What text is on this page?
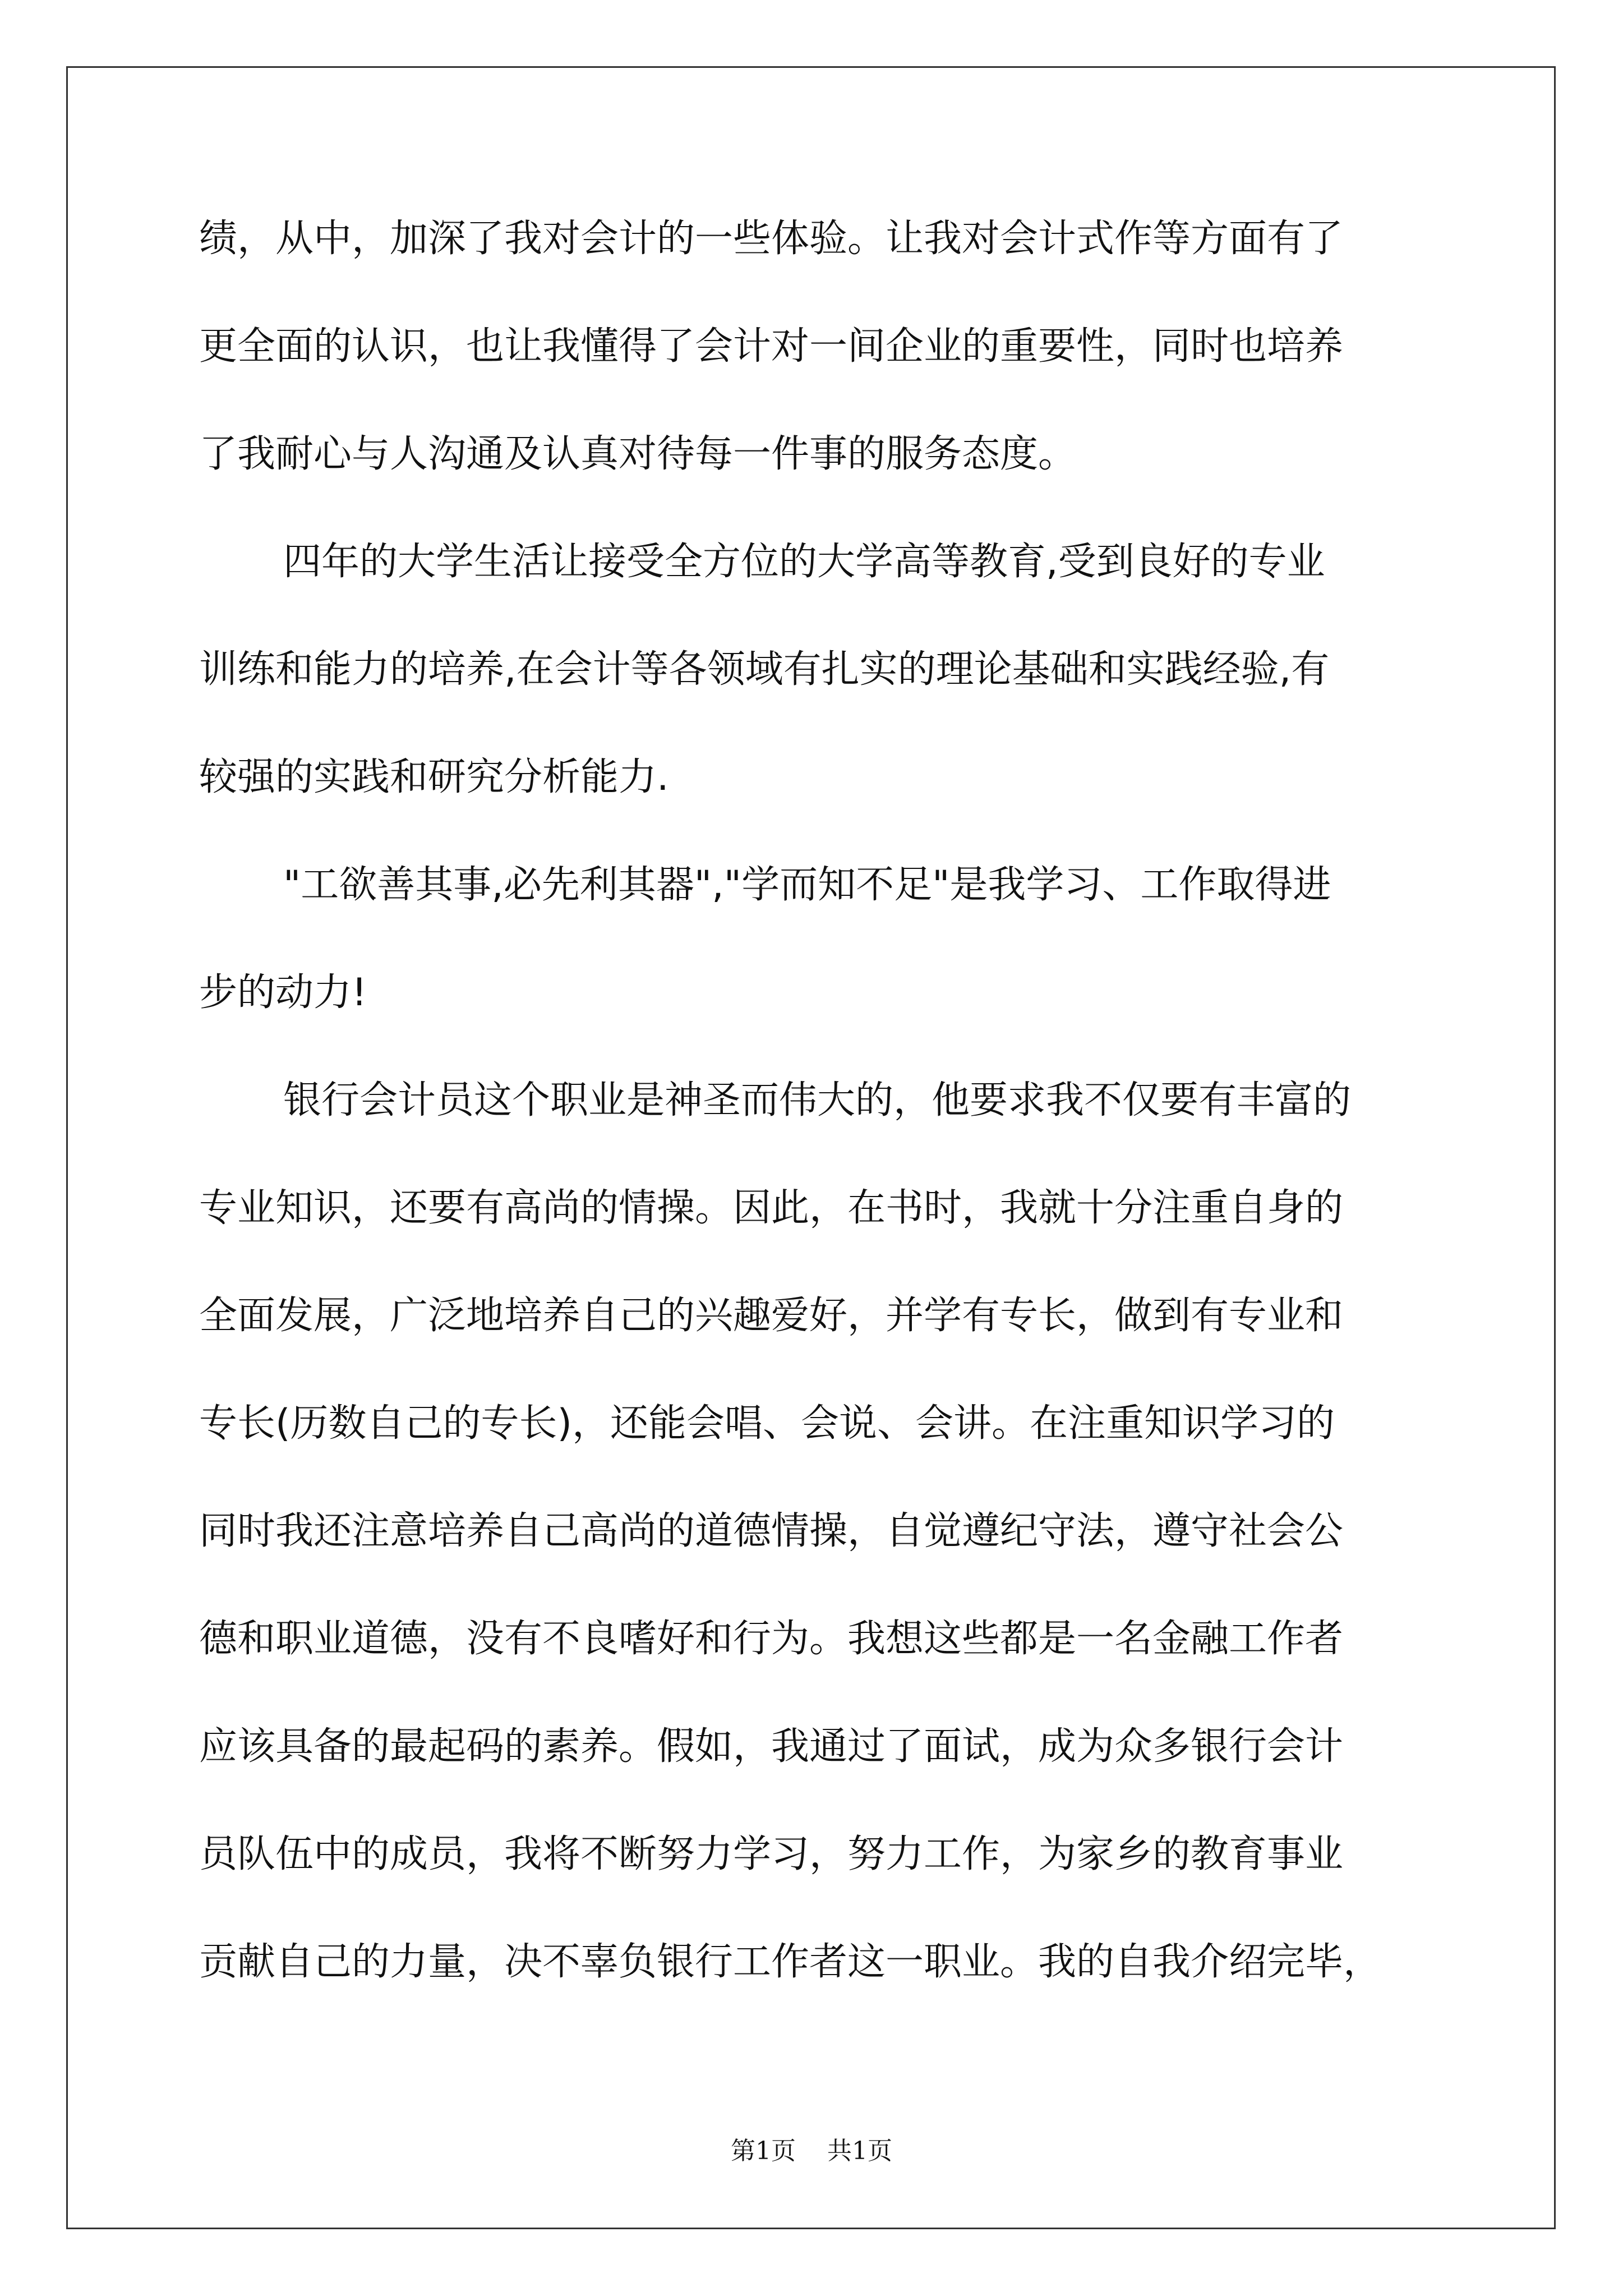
绩，从中，加深了我对会计的一些体验。让我对会计式作等方面有了
更全面的认识，也让我懂得了会计对一间企业的重要性，同时也培养
了我耐心与人沟通及认真对待每一件事的服务态度。
四年的大学生活让接受全方位的大学高等教育,受到良好的专业
训练和能力的培养,在会计等各领域有扎实的理论基础和实践经验,有
较强的实践和研究分析能力.
"工欲善其事,必先利其器","学而知不足"是我学习、工作取得进
步的动力!
银行会计员这个职业是神圣而伟大的，他要求我不仅要有丰富的
专业知识，还要有高尚的情操。因此，在书时，我就十分注重自身的
全面发展，广泛地培养自己的兴趣爱好，并学有专长，做到有专业和
专长(历数自己的专长)，还能会唱、会说、会讲。在注重知识学习的
同时我还注意培养自己高尚的道德情操，自觉遵纪守法，遵守社会公
德和职业道德，没有不良嗜好和行为。我想这些都是一名金融工作者
应该具备的最起码的素养。假如，我通过了面试，成为众多银行会计
员队伍中的成员，我将不断努力学习，努力工作，为家乡的教育事业
贡献自己的力量，决不辜负银行工作者这一职业。我的自我介绍完毕，
第1页 共1页
